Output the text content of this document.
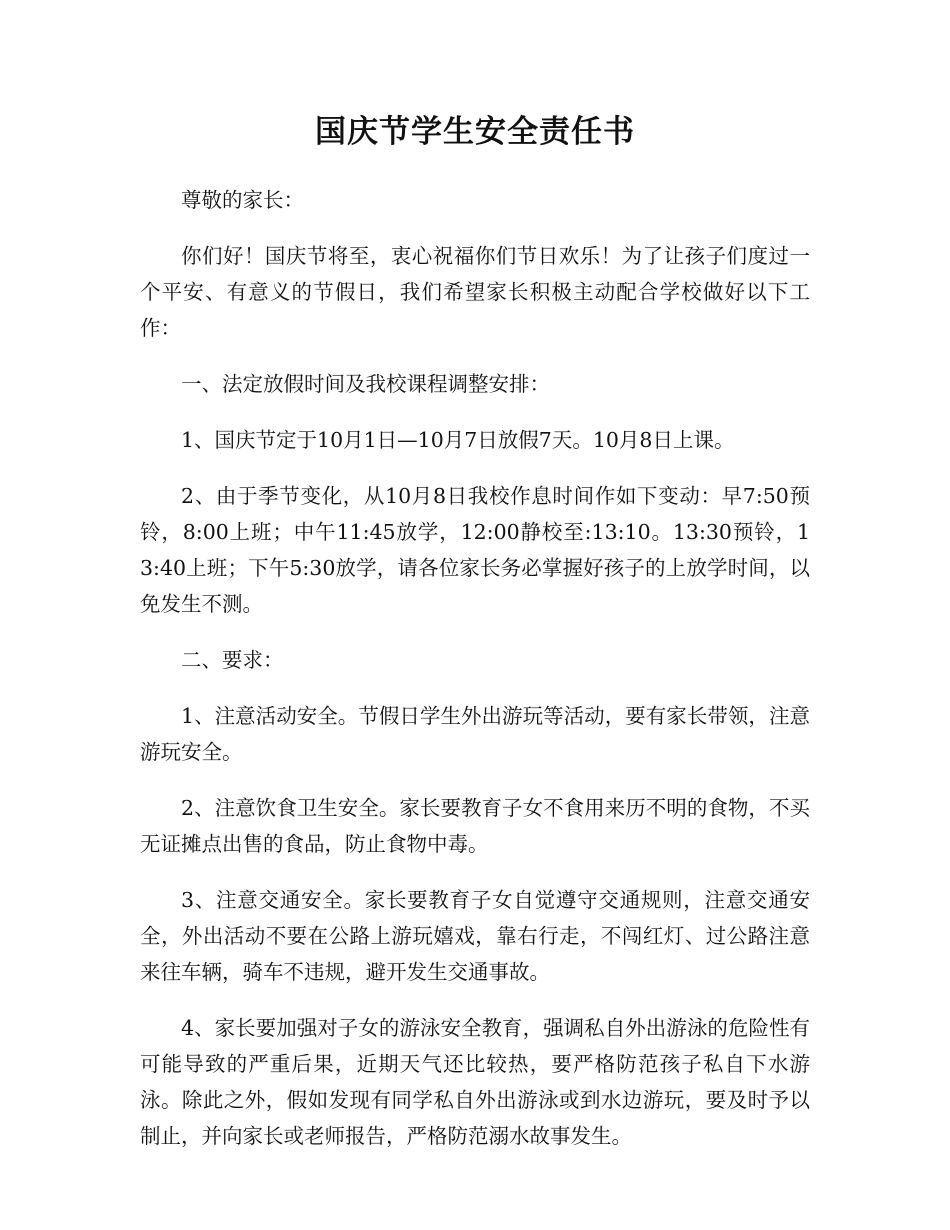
国庆节学生安全责任书

尊敬的家长：

你们好！国庆节将至，衷心祝福你们节日欢乐！为了让孩子们度过一个平安、有意义的节假日，我们希望家长积极主动配合学校做好以下工作：

一、法定放假时间及我校课程调整安排：

1、国庆节定于10月1日—10月7日放假7天。10月8日上课。

2、由于季节变化，从10月8日我校作息时间作如下变动：早7:50预铃，8:00上班；中午11:45放学，12:00静校至:13:10。13:30预铃，13:40上班；下午5:30放学，请各位家长务必掌握好孩子的上放学时间，以免发生不测。

二、要求：

1、注意活动安全。节假日学生外出游玩等活动，要有家长带领，注意游玩安全。

2、注意饮食卫生安全。家长要教育子女不食用来历不明的食物，不买无证摊点出售的食品，防止食物中毒。

3、注意交通安全。家长要教育子女自觉遵守交通规则，注意交通安全，外出活动不要在公路上游玩嬉戏，靠右行走，不闯红灯、过公路注意来往车辆，骑车不违规，避开发生交通事故。

4、家长要加强对子女的游泳安全教育，强调私自外出游泳的危险性有可能导致的严重后果，近期天气还比较热，要严格防范孩子私自下水游泳。除此之外，假如发现有同学私自外出游泳或到水边游玩，要及时予以制止，并向家长或老师报告，严格防范溺水故事发生。
